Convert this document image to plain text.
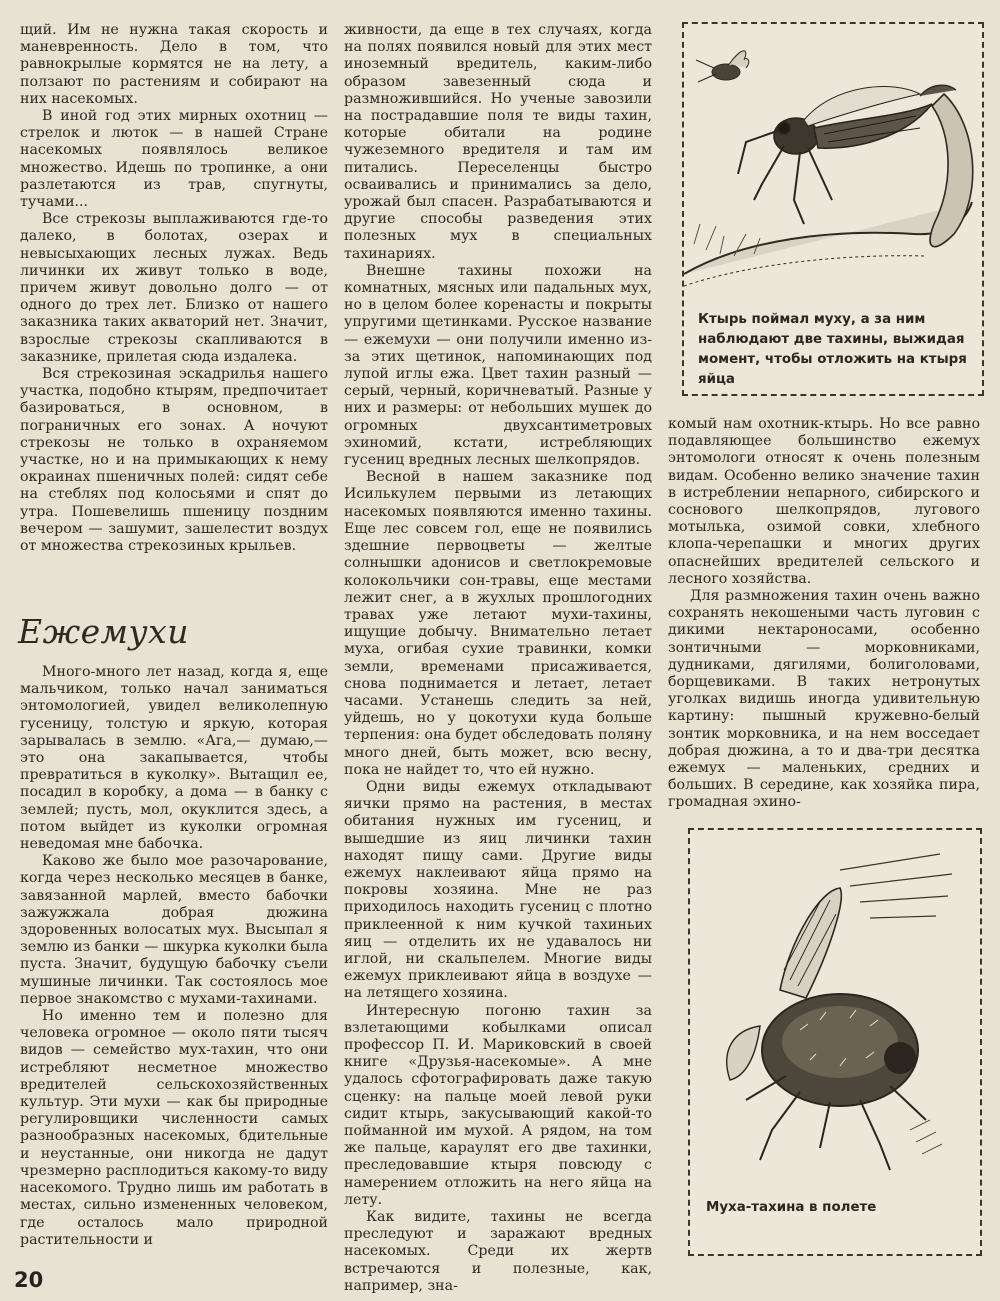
щий. Им не нужна такая скорость и маневренность. Дело в том, что равнокрылые кормятся не на лету, а ползают по растениям и собирают на них насекомых.

В иной год этих мирных охотниц — стрелок и люток — в нашей Стране насекомых появлялось великое множество. Идешь по тропинке, а они разлетаются из трав, спугнуты, тучами...

Все стрекозы выплаживаются где-то далеко, в болотах, озерах и невысыхающих лесных лужах. Ведь личинки их живут только в воде, причем живут довольно долго — от одного до трех лет. Близко от нашего заказника таких акваторий нет. Значит, взрослые стрекозы скапливаются в заказнике, прилетая сюда издалека.

Вся стрекозиная эскадрилья нашего участка, подобно ктырям, предпочитает базироваться, в основном, в пограничных его зонах. А ночуют стрекозы не только в охраняемом участке, но и на примыкающих к нему окраинах пшеничных полей: сидят себе на стеблях под колосьями и спят до утра. Пошевелишь пшеницу поздним вечером — зашумит, зашелестит воздух от множества стрекозиных крыльев.

Ежемухи

Много-много лет назад, когда я, еще мальчиком, только начал заниматься энтомологией, увидел великолепную гусеницу, толстую и яркую, которая зарывалась в землю. «Ага,— думаю,— это она закапывается, чтобы превратиться в куколку». Вытащил ее, посадил в коробку, а дома — в банку с землей; пусть, мол, окуклится здесь, а потом выйдет из куколки огромная неведомая мне бабочка.

Каково же было мое разочарование, когда через несколько месяцев в банке, завязанной марлей, вместо бабочки зажужжала добрая дюжина здоровенных волосатых мух. Высыпал я землю из банки — шкурка куколки была пуста. Значит, будущую бабочку съели мушиные личинки. Так состоялось мое первое знакомство с мухами-тахинами.

Но именно тем и полезно для человека огромное — около пяти тысяч видов — семейство мух-тахин, что они истребляют несметное множество вредителей сельскохозяйственных культур. Эти мухи — как бы природные регулировщики численности самых разнообразных насекомых, бдительные и неустанные, они никогда не дадут чрезмерно расплодиться какому-то виду насекомого. Трудно лишь им работать в местах, сильно измененных человеком, где осталось мало природной растительности и

живности, да еще в тех случаях, когда на полях появился новый для этих мест иноземный вредитель, каким-либо образом завезенный сюда и размножившийся. Но ученые завозили на пострадавшие поля те виды тахин, которые обитали на родине чужеземного вредителя и там им питались. Переселенцы быстро осваивались и принимались за дело, урожай был спасен. Разрабатываются и другие способы разведения этих полезных мух в специальных тахинариях.

Внешне тахины похожи на комнатных, мясных или падальных мух, но в целом более коренасты и покрыты упругими щетинками. Русское название — ежемухи — они получили именно из-за этих щетинок, напоминающих под лупой иглы ежа. Цвет тахин разный — серый, черный, коричневатый. Разные у них и размеры: от небольших мушек до огромных двухсантиметровых эхиномий, кстати, истребляющих гусениц вредных лесных шелкопрядов.

Весной в нашем заказнике под Исилькулем первыми из летающих насекомых появляются именно тахины. Еще лес совсем гол, еще не появились здешние первоцветы — желтые солнышки адонисов и светлокремовые колокольчики сон-травы, еще местами лежит снег, а в жухлых прошлогодних травах уже летают мухи-тахины, ищущие добычу. Внимательно летает муха, огибая сухие травинки, комки земли, временами присаживается, снова поднимается и летает, летает часами. Устанешь следить за ней, уйдешь, но у цокотухи куда больше терпения: она будет обследовать поляну много дней, быть может, всю весну, пока не найдет то, что ей нужно.

Одни виды ежемух откладывают яички прямо на растения, в местах обитания нужных им гусениц, и вышедшие из яиц личинки тахин находят пищу сами. Другие виды ежемух наклеивают яйца прямо на покровы хозяина. Мне не раз приходилось находить гусениц с плотно приклеенной к ним кучкой тахиньих яиц — отделить их не удавалось ни иглой, ни скальпелем. Многие виды ежемух приклеивают яйца в воздухе — на летящего хозяина.

Интересную погоню тахин за взлетающими кобылками описал профессор П. И. Мариковский в своей книге «Друзья-насекомые». А мне удалось сфотографировать даже такую сценку: на пальце моей левой руки сидит ктырь, закусывающий какой-то пойманной им мухой. А рядом, на том же пальце, караулят его две тахинки, преследовавшие ктыря повсюду с намерением отложить на него яйца на лету.

Как видите, тахины не всегда преследуют и заражают вредных насекомых. Среди их жертв встречаются и полезные, как, например, зна-

Ктырь поймал муху, а за ним наблюдают две тахины, выжидая момент, чтобы отложить на ктыря яйца

комый нам охотник-ктырь. Но все равно подавляющее большинство ежемух энтомологи относят к очень полезным видам. Особенно велико значение тахин в истреблении непарного, сибирского и соснового шелкопрядов, лугового мотылька, озимой совки, хлебного клопа-черепашки и многих других опаснейших вредителей сельского и лесного хозяйства.

Для размножения тахин очень важно сохранять некошеными часть луговин с дикими нектароносами, особенно зонтичными — морковниками, дудниками, дягилями, болиголовами, борщевиками. В таких нетронутых уголках видишь иногда удивительную картину: пышный кружевно-белый зонтик морковника, и на нем восседает добрая дюжина, а то и два-три десятка ежемух — маленьких, средних и больших. В середине, как хозяйка пира, громадная эхино-

Муха-тахина в полете
20
